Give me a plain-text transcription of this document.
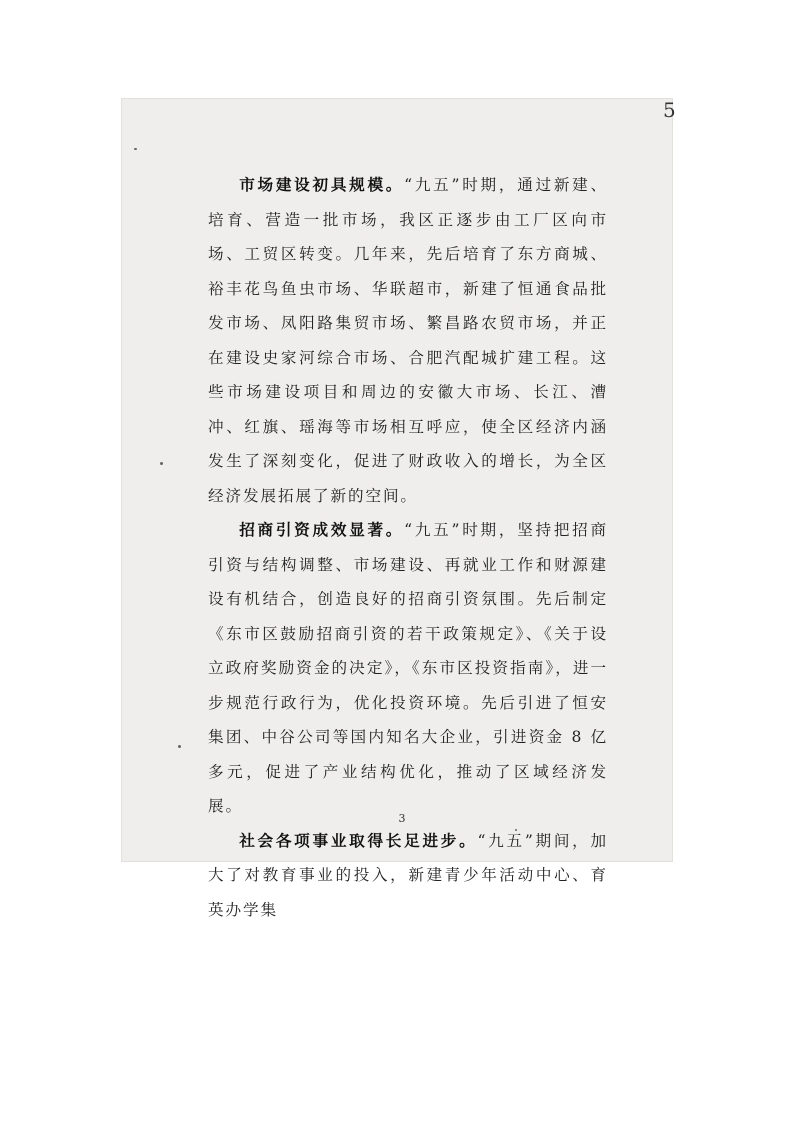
5

市场建设初具规模。“九五”时期，通过新建、培育、营造一批市场，我区正逐步由工厂区向市场、工贸区转变。几年来，先后培育了东方商城、裕丰花鸟鱼虫市场、华联超市，新建了恒通食品批发市场、凤阳路集贸市场、繁昌路农贸市场，并正在建设史家河综合市场、合肥汽配城扩建工程。这些市场建设项目和周边的安徽大市场、长江、漕冲、红旗、瑶海等市场相互呼应，使全区经济内涵发生了深刻变化，促进了财政收入的增长，为全区经济发展拓展了新的空间。

招商引资成效显著。“九五”时期，坚持把招商引资与结构调整、市场建设、再就业工作和财源建设有机结合，创造良好的招商引资氛围。先后制定《东市区鼓励招商引资的若干政策规定》、《关于设立政府奖励资金的决定》，《东市区投资指南》，进一步规范行政行为，优化投资环境。先后引进了恒安集团、中谷公司等国内知名大企业，引进资金 8 亿多元，促进了产业结构优化，推动了区域经济发展。

社会各项事业取得长足进步。“九五”期间，加大了对教育事业的投入，新建青少年活动中心、育英办学集

3
